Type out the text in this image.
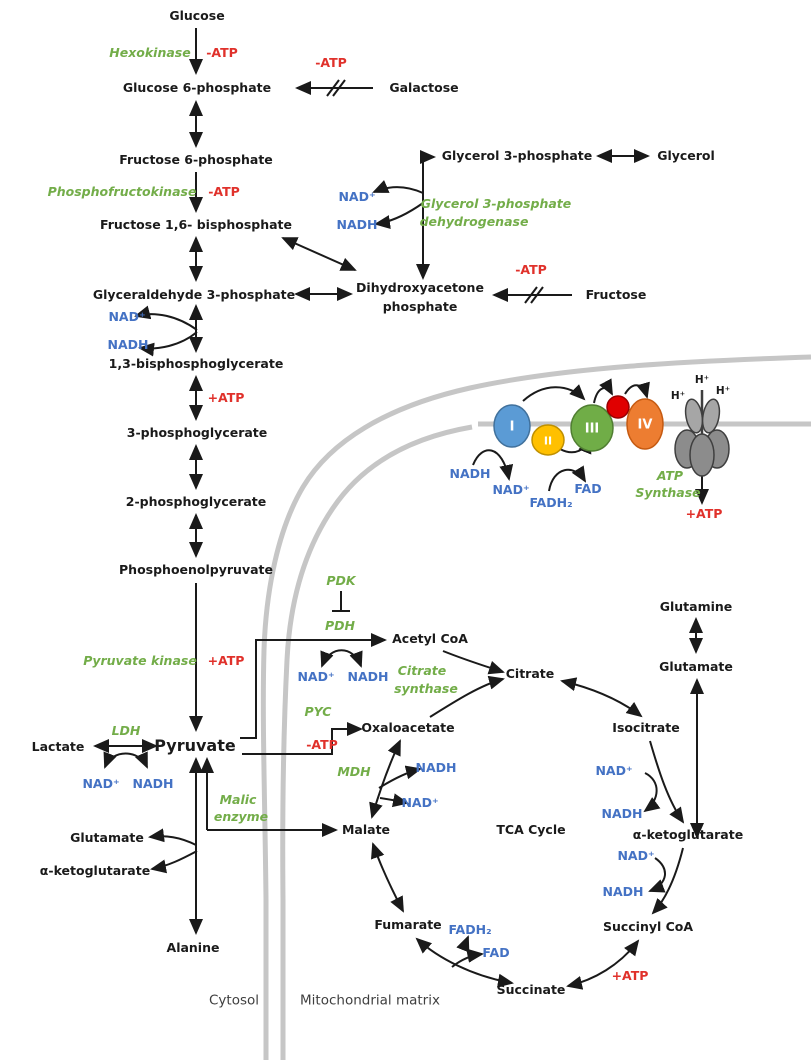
Glucose
Hexokinase -ATP
Glucose 6-phosphate
-ATP
Galactose
Fructose 6-phosphate
Phosphofructokinase -ATP
Fructose 1,6- bisphosphate
Glyceraldehyde 3-phosphate
NAD⁺
NADH
1,3-bisphosphoglycerate
+ATP
3-phosphoglycerate
2-phosphoglycerate
Phosphoenolpyruvate
Pyruvate kinase +ATP
Pyruvate
Glycerol 3-phosphate	Glycerol
NAD⁺
NADH
Glycerol 3-phosphate
dehydrogenase
Dihydroxyacetone
phosphate
-ATP
Fructose
H⁺
H⁺
H⁺
I
II
III	IV
NADH
NAD⁺
FADH₂
FAD
ATP
Synthase
+ATP
Lactate
LDH
NAD⁺ NADH
Malic
enzyme
Glutamate
α-ketoglutarate
Alanine
PDK
PDH
NAD⁺ NADH Citrate
synthase
Acetyl CoA
PYC
-ATP
Oxaloacetate
MDH	NADH
NAD⁺
Malate	TCA Cycle
Citrate
Isocitrate
Glutamine
Glutamate
NAD⁺
NADH
α-ketoglutarate
NAD⁺
NADH
Succinyl CoA
+ATP
Succinate
FADH₂
FAD
Fumarate
Cytosol	Mitochondrial matrix
